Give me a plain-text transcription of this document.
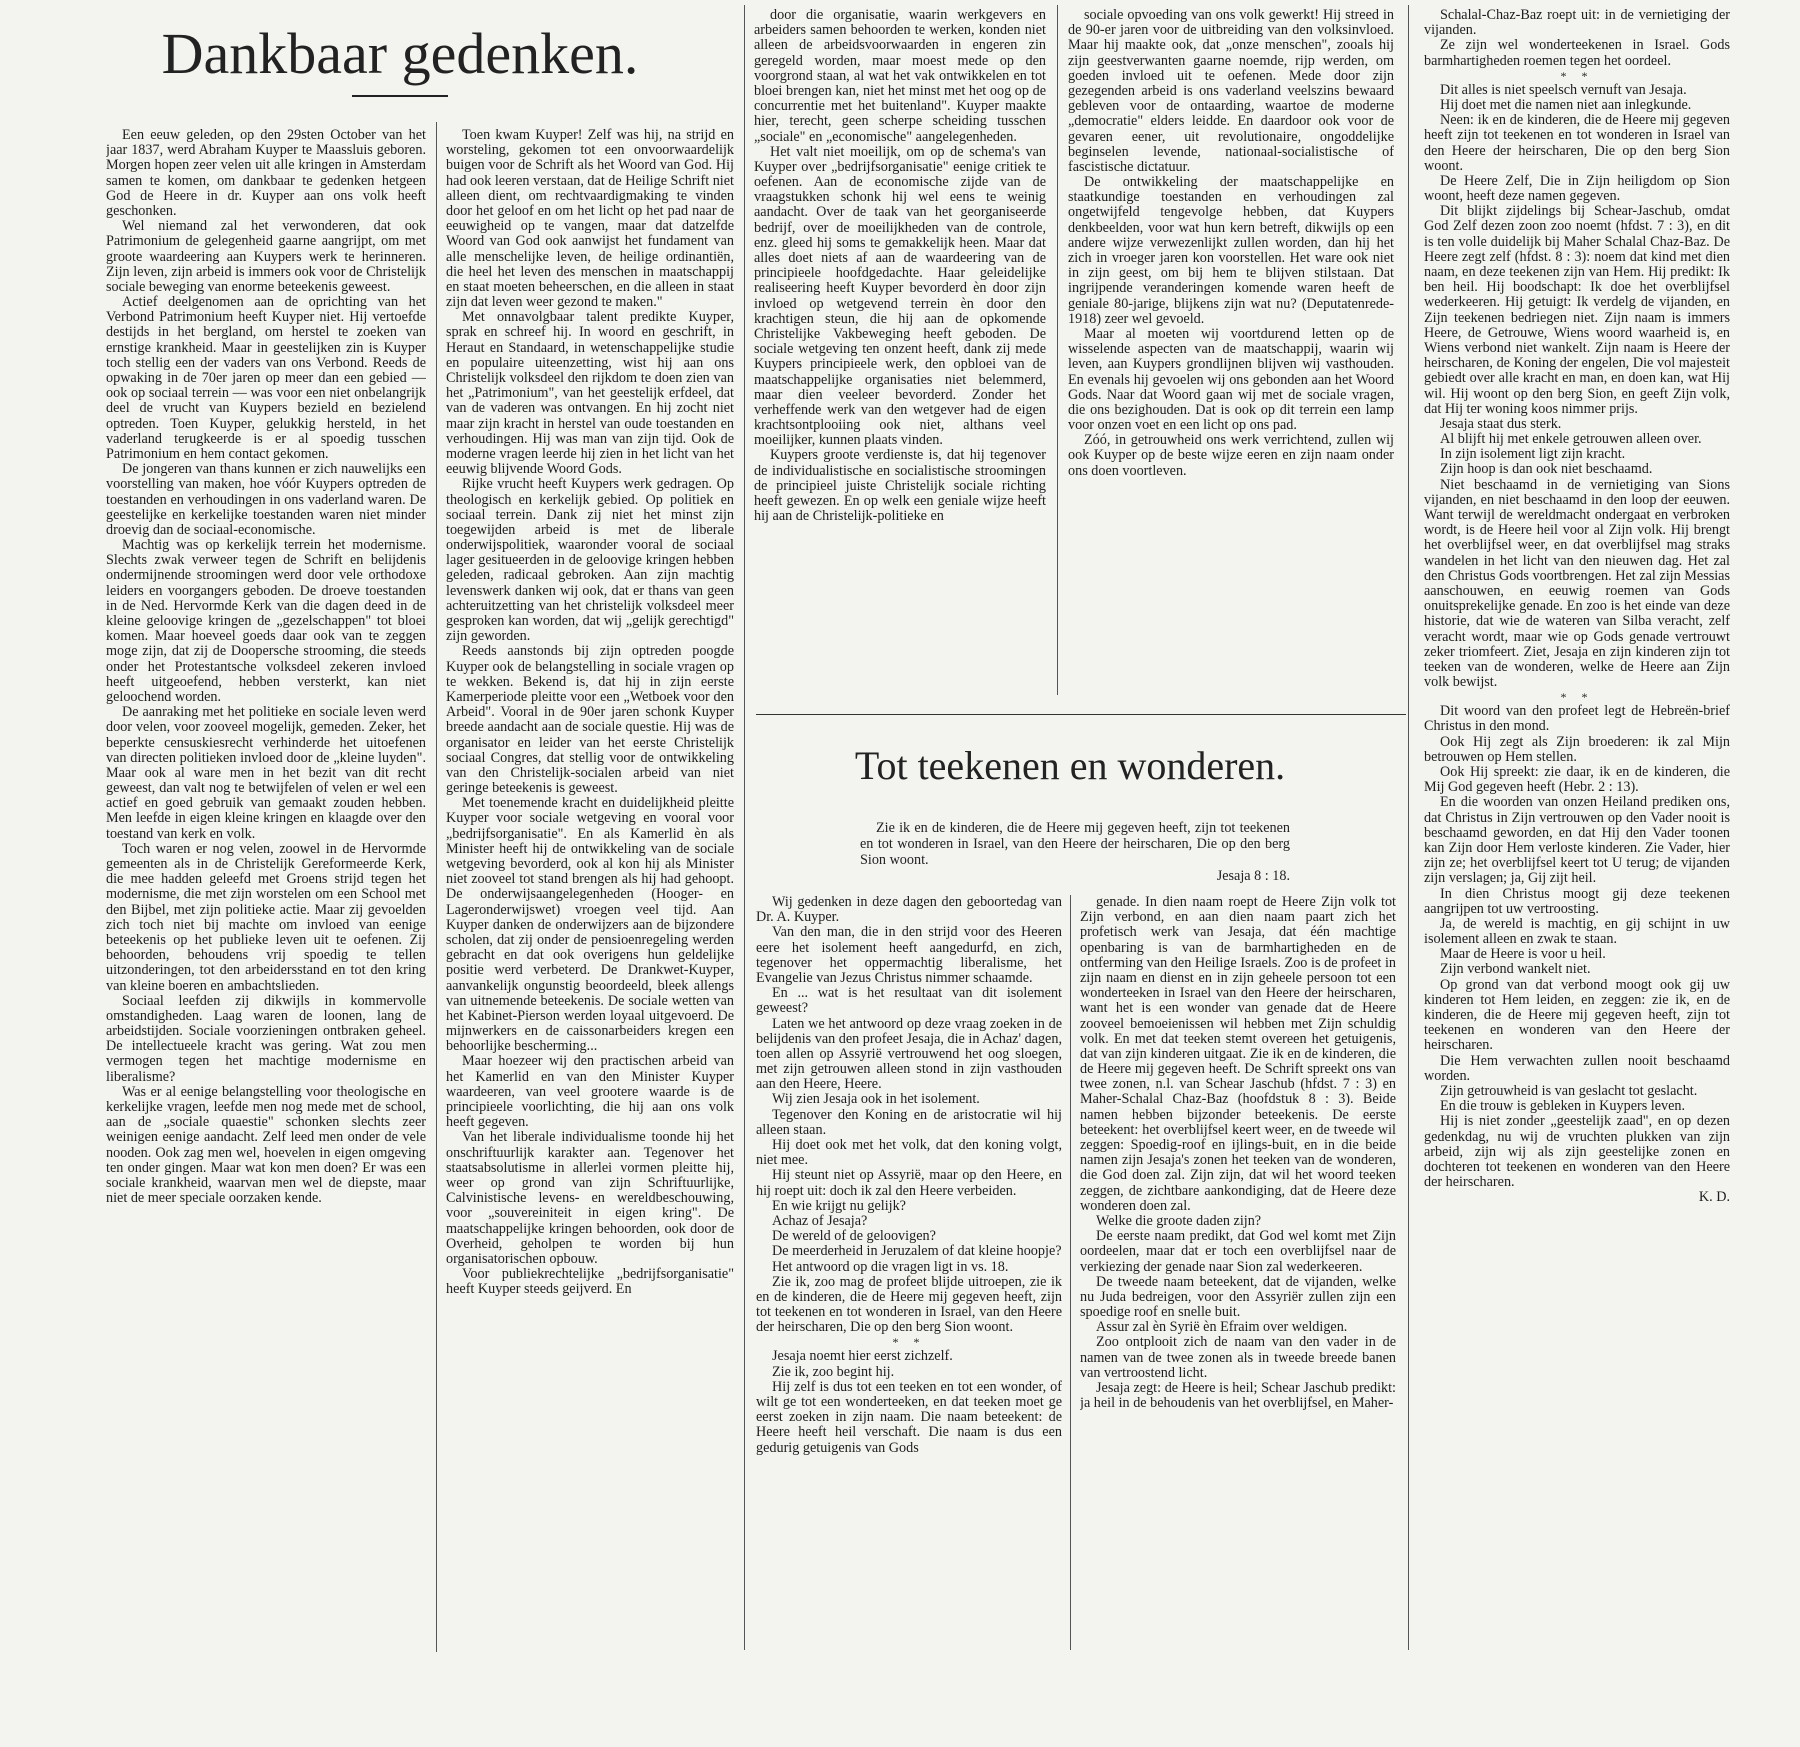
Dankbaar gedenken.

Een eeuw geleden, op den 29sten October van het jaar 1837, werd Abraham Kuyper te Maassluis geboren. Morgen hopen zeer velen uit alle kringen in Amsterdam samen te komen, om dankbaar te gedenken hetgeen God de Heere in dr. Kuyper aan ons volk heeft geschonken.

Wel niemand zal het verwonderen, dat ook Patrimonium de gelegenheid gaarne aangrijpt, om met groote waardeering aan Kuypers werk te herinneren. Zijn leven, zijn arbeid is immers ook voor de Christelijk sociale beweging van enorme beteekenis geweest.

Actief deelgenomen aan de oprichting van het Verbond Patrimonium heeft Kuyper niet. Hij vertoefde destijds in het bergland, om herstel te zoeken van ernstige krankheid. Maar in geestelijken zin is Kuyper toch stellig een der vaders van ons Verbond. Reeds de opwaking in de 70er jaren op meer dan een gebied — ook op sociaal terrein — was voor een niet onbelangrijk deel de vrucht van Kuypers bezield en bezielend optreden. Toen Kuyper, gelukkig hersteld, in het vaderland terugkeerde is er al spoedig tusschen Patrimonium en hem contact gekomen.

De jongeren van thans kunnen er zich nauwelijks een voorstelling van maken, hoe vóór Kuypers optreden de toestanden en verhoudingen in ons vaderland waren. De geestelijke en kerkelijke toestanden waren niet minder droevig dan de sociaal-economische.

Machtig was op kerkelijk terrein het modernisme. Slechts zwak verweer tegen de Schrift en belijdenis ondermijnende stroomingen werd door vele orthodoxe leiders en voorgangers geboden. De droeve toestanden in de Ned. Hervormde Kerk van die dagen deed in de kleine geloovige kringen de „gezelschappen" tot bloei komen. Maar hoeveel goeds daar ook van te zeggen moge zijn, dat zij de Doopersche strooming, die steeds onder het Protestantsche volksdeel zekeren invloed heeft uitgeoefend, hebben versterkt, kan niet geloochend worden.

De aanraking met het politieke en sociale leven werd door velen, voor zooveel mogelijk, gemeden. Zeker, het beperkte censuskiesrecht verhinderde het uitoefenen van directen politieken invloed door de „kleine luyden". Maar ook al ware men in het bezit van dit recht geweest, dan valt nog te betwijfelen of velen er wel een actief en goed gebruik van gemaakt zouden hebben. Men leefde in eigen kleine kringen en klaagde over den toestand van kerk en volk.

Toch waren er nog velen, zoowel in de Hervormde gemeenten als in de Christelijk Gereformeerde Kerk, die mee hadden geleefd met Groens strijd tegen het modernisme, die met zijn worstelen om een School met den Bijbel, met zijn politieke actie. Maar zij gevoelden zich toch niet bij machte om invloed van eenige beteekenis op het publieke leven uit te oefenen. Zij behoorden, behoudens vrij spoedig te tellen uitzonderingen, tot den arbeidersstand en tot den kring van kleine boeren en ambachtslieden.

Sociaal leefden zij dikwijls in kommervolle omstandigheden. Laag waren de loonen, lang de arbeidstijden. Sociale voorzieningen ontbraken geheel. De intellectueele kracht was gering. Wat zou men vermogen tegen het machtige modernisme en liberalisme?

Was er al eenige belangstelling voor theologische en kerkelijke vragen, leefde men nog mede met de school, aan de „sociale quaestie" schonken slechts zeer weinigen eenige aandacht. Zelf leed men onder de vele nooden. Ook zag men wel, hoevelen in eigen omgeving ten onder gingen. Maar wat kon men doen? Er was een sociale krankheid, waarvan men wel de diepste, maar niet de meer speciale oorzaken kende.

Toen kwam Kuyper! Zelf was hij, na strijd en worsteling, gekomen tot een onvoorwaardelijk buigen voor de Schrift als het Woord van God. Hij had ook leeren verstaan, dat de Heilige Schrift niet alleen dient, om rechtvaardigmaking te vinden door het geloof en om het licht op het pad naar de eeuwigheid op te vangen, maar dat datzelfde Woord van God ook aanwijst het fundament van alle menschelijke leven, de heilige ordinantiën, die heel het leven des menschen in maatschappij en staat moeten beheerschen, en die alleen in staat zijn dat leven weer gezond te maken."

Met onnavolgbaar talent predikte Kuyper, sprak en schreef hij. In woord en geschrift, in Heraut en Standaard, in wetenschappelijke studie en populaire uiteenzetting, wist hij aan ons Christelijk volksdeel den rijkdom te doen zien van het „Patrimonium", van het geestelijk erfdeel, dat van de vaderen was ontvangen. En hij zocht niet maar zijn kracht in herstel van oude toestanden en verhoudingen. Hij was man van zijn tijd. Ook de moderne vragen leerde hij zien in het licht van het eeuwig blijvende Woord Gods.

Rijke vrucht heeft Kuypers werk gedragen. Op theologisch en kerkelijk gebied. Op politiek en sociaal terrein. Dank zij niet het minst zijn toegewijden arbeid is met de liberale onderwijspolitiek, waaronder vooral de sociaal lager gesitueerden in de geloovige kringen hebben geleden, radicaal gebroken. Aan zijn machtig levenswerk danken wij ook, dat er thans van geen achteruitzetting van het christelijk volksdeel meer gesproken kan worden, dat wij „gelijk gerechtigd" zijn geworden.

Reeds aanstonds bij zijn optreden poogde Kuyper ook de belangstelling in sociale vragen op te wekken. Bekend is, dat hij in zijn eerste Kamerperiode pleitte voor een „Wetboek voor den Arbeid". Vooral in de 90er jaren schonk Kuyper breede aandacht aan de sociale questie. Hij was de organisator en leider van het eerste Christelijk sociaal Congres, dat stellig voor de ontwikkeling van den Christelijk-socialen arbeid van niet geringe beteekenis is geweest.

Met toenemende kracht en duidelijkheid pleitte Kuyper voor sociale wetgeving en vooral voor „bedrijfsorganisatie". En als Kamerlid èn als Minister heeft hij de ontwikkeling van de sociale wetgeving bevorderd, ook al kon hij als Minister niet zooveel tot stand brengen als hij had gehoopt. De onderwijsaangelegenheden (Hooger- en Lageronderwijswet) vroegen veel tijd. Aan Kuyper danken de onderwijzers aan de bijzondere scholen, dat zij onder de pensioenregeling werden gebracht en dat ook overigens hun geldelijke positie werd verbeterd. De Drankwet-Kuyper, aanvankelijk ongunstig beoordeeld, bleek allengs van uitnemende beteekenis. De sociale wetten van het Kabinet-Pierson werden loyaal uitgevoerd. De mijnwerkers en de caissonarbeiders kregen een behoorlijke bescherming...

Maar hoezeer wij den practischen arbeid van het Kamerlid en van den Minister Kuyper waardeeren, van veel grootere waarde is de principieele voorlichting, die hij aan ons volk heeft gegeven.

Van het liberale individualisme toonde hij het onschriftuurlijk karakter aan. Tegenover het staatsabsolutisme in allerlei vormen pleitte hij, weer op grond van zijn Schriftuurlijke, Calvinistische levens- en wereldbeschouwing, voor „souvereiniteit in eigen kring". De maatschappelijke kringen behoorden, ook door de Overheid, geholpen te worden bij hun organisatorischen opbouw.

Voor publiekrechtelijke „bedrijfsorganisatie" heeft Kuyper steeds geijverd. En

door die organisatie, waarin werkgevers en arbeiders samen behoorden te werken, konden niet alleen de arbeidsvoorwaarden in engeren zin geregeld worden, maar moest mede op den voorgrond staan, al wat het vak ontwikkelen en tot bloei brengen kan, niet het minst met het oog op de concurrentie met het buitenland". Kuyper maakte hier, terecht, geen scherpe scheiding tusschen „sociale" en „economische" aangelegenheden.

Het valt niet moeilijk, om op de schema's van Kuyper over „bedrijfsorganisatie" eenige critiek te oefenen. Aan de economische zijde van de vraagstukken schonk hij wel eens te weinig aandacht. Over de taak van het georganiseerde bedrijf, over de moeilijkheden van de controle, enz. gleed hij soms te gemakkelijk heen. Maar dat alles doet niets af aan de waardeering van de principieele hoofdgedachte. Haar geleidelijke realiseering heeft Kuyper bevorderd èn door zijn invloed op wetgevend terrein èn door den krachtigen steun, die hij aan de opkomende Christelijke Vakbeweging heeft geboden. De sociale wetgeving ten onzent heeft, dank zij mede Kuypers principieele werk, den opbloei van de maatschappelijke organisaties niet belemmerd, maar dien veeleer bevorderd. Zonder het verheffende werk van den wetgever had de eigen krachtsontplooiing ook niet, althans veel moeilijker, kunnen plaats vinden.

Kuypers groote verdienste is, dat hij tegenover de individualistische en socialistische stroomingen de principieel juiste Christelijk sociale richting heeft gewezen. En op welk een geniale wijze heeft hij aan de Christelijk-politieke en

sociale opvoeding van ons volk gewerkt! Hij streed in de 90-er jaren voor de uitbreiding van den volksinvloed. Maar hij maakte ook, dat „onze menschen", zooals hij zijn geestverwanten gaarne noemde, rijp werden, om goeden invloed uit te oefenen. Mede door zijn gezegenden arbeid is ons vaderland veelszins bewaard gebleven voor de ontaarding, waartoe de moderne „democratie" elders leidde. En daardoor ook voor de gevaren eener, uit revolutionaire, ongoddelijke beginselen levende, nationaal-socialistische of fascistische dictatuur.

De ontwikkeling der maatschappelijke en staatkundige toestanden en verhoudingen zal ongetwijfeld tengevolge hebben, dat Kuypers denkbeelden, voor wat hun kern betreft, dikwijls op een andere wijze verwezenlijkt zullen worden, dan hij het zich in vroeger jaren kon voorstellen. Het ware ook niet in zijn geest, om bij hem te blijven stilstaan. Dat ingrijpende veranderingen komende waren heeft de geniale 80-jarige, blijkens zijn wat nu? (Deputatenrede-1918) zeer wel gevoeld.

Maar al moeten wij voortdurend letten op de wisselende aspecten van de maatschappij, waarin wij leven, aan Kuypers grondlijnen blijven wij vasthouden. En evenals hij gevoelen wij ons gebonden aan het Woord Gods. Naar dat Woord gaan wij met de sociale vragen, die ons bezighouden. Dat is ook op dit terrein een lamp voor onzen voet en een licht op ons pad.

Zóó, in getrouwheid ons werk verrichtend, zullen wij ook Kuyper op de beste wijze eeren en zijn naam onder ons doen voortleven.

Tot teekenen en wonderen.

Zie ik en de kinderen, die de Heere mij gegeven heeft, zijn tot teekenen en tot wonderen in Israel, van den Heere der heirscharen, Die op den berg Sion woont.

Jesaja 8 : 18.

Wij gedenken in deze dagen den geboortedag van Dr. A. Kuyper.

Van den man, die in den strijd voor des Heeren eere het isolement heeft aangedurfd, en zich, tegenover het oppermachtig liberalisme, het Evangelie van Jezus Christus nimmer schaamde.

En ... wat is het resultaat van dit isolement geweest?

Laten we het antwoord op deze vraag zoeken in de belijdenis van den profeet Jesaja, die in Achaz' dagen, toen allen op Assyrië vertrouwend het oog sloegen, met zijn getrouwen alleen stond in zijn vasthouden aan den Heere, Heere.

Wij zien Jesaja ook in het isolement.

Tegenover den Koning en de aristocratie wil hij alleen staan.

Hij doet ook met het volk, dat den koning volgt, niet mee.

Hij steunt niet op Assyrië, maar op den Heere, en hij roept uit: doch ik zal den Heere verbeiden.

En wie krijgt nu gelijk?

Achaz of Jesaja?

De wereld of de geloovigen?

De meerderheid in Jeruzalem of dat kleine hoopje?

Het antwoord op die vragen ligt in vs. 18.

Zie ik, zoo mag de profeet blijde uitroepen, zie ik en de kinderen, die de Heere mij gegeven heeft, zijn tot teekenen en tot wonderen in Israel, van den Heere der heirscharen, Die op den berg Sion woont.

* *

Jesaja noemt hier eerst zichzelf.

Zie ik, zoo begint hij.

Hij zelf is dus tot een teeken en tot een wonder, of wilt ge tot een wonderteeken, en dat teeken moet ge eerst zoeken in zijn naam. Die naam beteekent: de Heere heeft heil verschaft. Die naam is dus een gedurig getuigenis van Gods

genade. In dien naam roept de Heere Zijn volk tot Zijn verbond, en aan dien naam paart zich het profetisch werk van Jesaja, dat één machtige openbaring is van de barmhartigheden en de ontferming van den Heilige Israels. Zoo is de profeet in zijn naam en dienst en in zijn geheele persoon tot een wonderteeken in Israel van den Heere der heirscharen, want het is een wonder van genade dat de Heere zooveel bemoeienissen wil hebben met Zijn schuldig volk. En met dat teeken stemt overeen het getuigenis, dat van zijn kinderen uitgaat. Zie ik en de kinderen, die de Heere mij gegeven heeft. De Schrift spreekt ons van twee zonen, n.l. van Schear Jaschub (hfdst. 7 : 3) en Maher-Schalal Chaz-Baz (hoofdstuk 8 : 3). Beide namen hebben bijzonder beteekenis. De eerste beteekent: het overblijfsel keert weer, en de tweede wil zeggen: Spoedig-roof en ijlings-buit, en in die beide namen zijn Jesaja's zonen het teeken van de wonderen, die God doen zal. Zijn zijn, dat wil het woord teeken zeggen, de zichtbare aankondiging, dat de Heere deze wonderen doen zal.

Welke die groote daden zijn?

De eerste naam predikt, dat God wel komt met Zijn oordeelen, maar dat er toch een overblijfsel naar de verkiezing der genade naar Sion zal wederkeeren.

De tweede naam beteekent, dat de vijanden, welke nu Juda bedreigen, voor den Assyriër zullen zijn een spoedige roof en snelle buit.

Assur zal èn Syrië èn Efraim over weldigen.

Zoo ontplooit zich de naam van den vader in de namen van de twee zonen als in tweede breede banen van vertroostend licht.

Jesaja zegt: de Heere is heil; Schear Jaschub predikt: ja heil in de behoudenis van het overblijfsel, en Maher-

Schalal-Chaz-Baz roept uit: in de vernietiging der vijanden.

Ze zijn wel wonderteekenen in Israel. Gods barmhartigheden roemen tegen het oordeel.

* *

Dit alles is niet speelsch vernuft van Jesaja.

Hij doet met die namen niet aan inlegkunde.

Neen: ik en de kinderen, die de Heere mij gegeven heeft zijn tot teekenen en tot wonderen in Israel van den Heere der heirscharen, Die op den berg Sion woont.

De Heere Zelf, Die in Zijn heiligdom op Sion woont, heeft deze namen gegeven.

Dit blijkt zijdelings bij Schear-Jaschub, omdat God Zelf dezen zoon zoo noemt (hfdst. 7 : 3), en dit is ten volle duidelijk bij Maher Schalal Chaz-Baz. De Heere zegt zelf (hfdst. 8 : 3): noem dat kind met dien naam, en deze teekenen zijn van Hem. Hij predikt: Ik ben heil. Hij boodschapt: Ik doe het overblijfsel wederkeeren. Hij getuigt: Ik verdelg de vijanden, en Zijn teekenen bedriegen niet. Zijn naam is immers Heere, de Getrouwe, Wiens woord waarheid is, en Wiens verbond niet wankelt. Zijn naam is Heere der heirscharen, de Koning der engelen, Die vol majesteit gebiedt over alle kracht en man, en doen kan, wat Hij wil. Hij woont op den berg Sion, en geeft Zijn volk, dat Hij ter woning koos nimmer prijs.

Jesaja staat dus sterk.

Al blijft hij met enkele getrouwen alleen over.

In zijn isolement ligt zijn kracht.

Zijn hoop is dan ook niet beschaamd.

Niet beschaamd in de vernietiging van Sions vijanden, en niet beschaamd in den loop der eeuwen. Want terwijl de wereldmacht ondergaat en verbroken wordt, is de Heere heil voor al Zijn volk. Hij brengt het overblijfsel weer, en dat overblijfsel mag straks wandelen in het licht van den nieuwen dag. Het zal den Christus Gods voortbrengen. Het zal zijn Messias aanschouwen, en eeuwig roemen van Gods onuitsprekelijke genade. En zoo is het einde van deze historie, dat wie de wateren van Silba veracht, zelf veracht wordt, maar wie op Gods genade vertrouwt zeker triomfeert. Ziet, Jesaja en zijn kinderen zijn tot teeken van de wonderen, welke de Heere aan Zijn volk bewijst.

* *

Dit woord van den profeet legt de Hebreën-brief Christus in den mond.

Ook Hij zegt als Zijn broederen: ik zal Mijn betrouwen op Hem stellen.

Ook Hij spreekt: zie daar, ik en de kinderen, die Mij God gegeven heeft (Hebr. 2 : 13).

En die woorden van onzen Heiland prediken ons, dat Christus in Zijn vertrouwen op den Vader nooit is beschaamd geworden, en dat Hij den Vader toonen kan Zijn door Hem verloste kinderen. Zie Vader, hier zijn ze; het overblijfsel keert tot U terug; de vijanden zijn verslagen; ja, Gij zijt heil.

In dien Christus moogt gij deze teekenen aangrijpen tot uw vertroosting.

Ja, de wereld is machtig, en gij schijnt in uw isolement alleen en zwak te staan.

Maar de Heere is voor u heil.

Zijn verbond wankelt niet.

Op grond van dat verbond moogt ook gij uw kinderen tot Hem leiden, en zeggen: zie ik, en de kinderen, die de Heere mij gegeven heeft, zijn tot teekenen en wonderen van den Heere der heirscharen.

Die Hem verwachten zullen nooit beschaamd worden.

Zijn getrouwheid is van geslacht tot geslacht.

En die trouw is gebleken in Kuypers leven.

Hij is niet zonder „geestelijk zaad", en op dezen gedenkdag, nu wij de vruchten plukken van zijn arbeid, zijn wij als zijn geestelijke zonen en dochteren tot teekenen en wonderen van den Heere der heirscharen.

K. D.
